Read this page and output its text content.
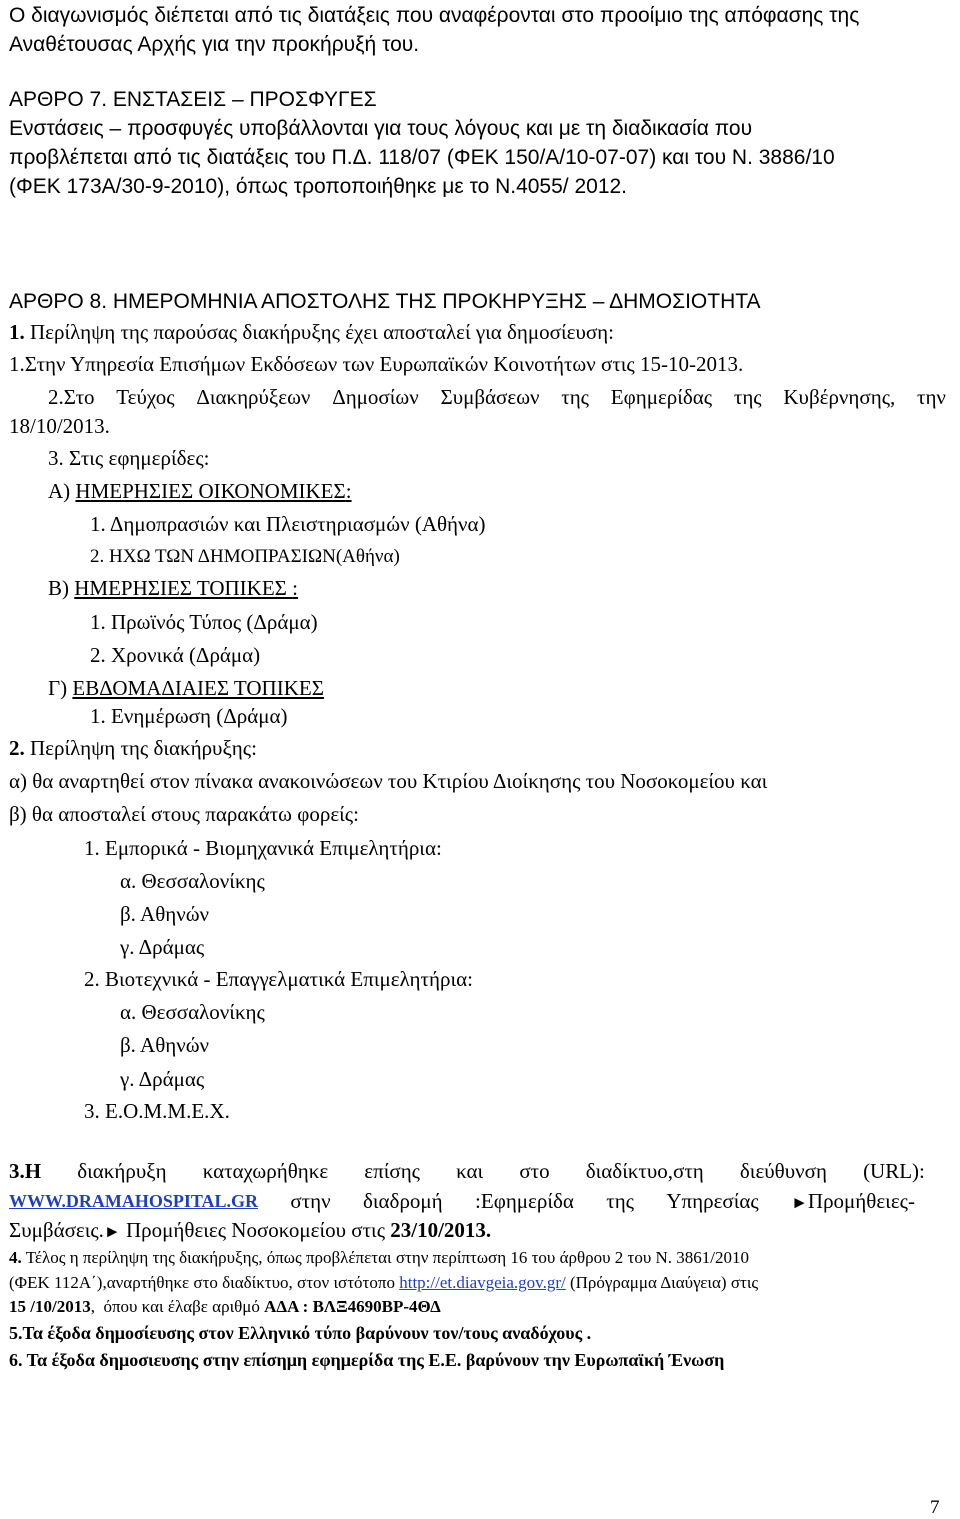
Ο διαγωνισμός διέπεται από τις διατάξεις που αναφέρονται στο προοίμιο της απόφασης της
Αναθέτουσας Αρχής για την προκήρυξή του.
ΑΡΘΡΟ 7. ΕΝΣΤΑΣΕΙΣ – ΠΡΟΣΦΥΓΕΣ
Ενστάσεις – προσφυγές υποβάλλονται για τους λόγους και με τη διαδικασία που
προβλέπεται από τις διατάξεις του Π.Δ. 118/07 (ΦΕΚ 150/Α/10-07-07) και του Ν. 3886/10
(ΦΕΚ 173Α/30-9-2010), όπως τροποποιήθηκε με το Ν.4055/ 2012.
ΑΡΘΡΟ 8. ΗΜΕΡΟΜΗΝΙΑ ΑΠΟΣΤΟΛΗΣ ΤΗΣ ΠΡΟΚΗΡΥΞΗΣ – ΔΗΜΟΣΙΟΤΗΤΑ
1. Περίληψη της παρούσας διακήρυξης έχει αποσταλεί για δημοσίευση:
1.Στην Υπηρεσία Επισήμων Εκδόσεων των Ευρωπαϊκών Κοινοτήτων στις 15-10-2013.
2.Στο Τεύχος Διακηρύξεων Δημοσίων Συμβάσεων της Εφημερίδας της Κυβέρνησης, την
18/10/2013.
3. Στις εφημερίδες:
Α) ΗΜΕΡΗΣΙΕΣ ΟΙΚΟΝΟΜΙΚΕΣ:
1. Δημοπρασιών και Πλειστηριασμών (Αθήνα)
2. ΗΧΩ ΤΩΝ ΔΗΜΟΠΡΑΣΙΩΝ(Αθήνα)
Β) ΗΜΕΡΗΣΙΕΣ ΤΟΠΙΚΕΣ :
1. Πρωϊνός Τύπος (Δράμα)
2. Χρονικά (Δράμα)
Γ) ΕΒΔΟΜΑΔΙΑΙΕΣ ΤΟΠΙΚΕΣ
1. Ενημέρωση (Δράμα)
2. Περίληψη της διακήρυξης:
α) θα αναρτηθεί στον πίνακα ανακοινώσεων του Κτιρίου Διοίκησης του Νοσοκομείου και
β) θα αποσταλεί στους παρακάτω φορείς:
1. Εμπορικά - Βιομηχανικά Επιμελητήρια:
α. Θεσσαλονίκης
β. Αθηνών
γ. Δράμας
2. Βιοτεχνικά - Επαγγελματικά Επιμελητήρια:
α. Θεσσαλονίκης
β. Αθηνών
γ. Δράμας
3. Ε.Ο.Μ.Μ.Ε.Χ.
3.Η διακήρυξη καταχωρήθηκε επίσης και στο διαδίκτυο,στη διεύθυνση (URL):
WWW.DRAMAHOSPITAL.GR στην διαδρομή :Εφημερίδα της Υπηρεσίας ►Προμήθειες-
Συμβάσεις.► Προμήθειες Νοσοκομείου στις 23/10/2013.
4. Τέλος η περίληψη της διακήρυξης, όπως προβλέπεται στην περίπτωση 16 του άρθρου 2 του Ν. 3861/2010
(ΦΕΚ 112Α΄),αναρτήθηκε στο διαδίκτυο, στον ιστότοπο http://et.diavgeia.gov.gr/ (Πρόγραμμα Διαύγεια) στις
15 /10/2013,  όπου και έλαβε αριθμό ΑΔΑ : ΒΛΞ4690ΒΡ-4ΘΔ
5.Τα έξοδα δημοσίευσης στον Ελληνικό τύπο βαρύνουν τον/τους αναδόχους .
6. Τα έξοδα δημοσιευσης στην επίσημη εφημερίδα της Ε.Ε. βαρύνουν την Ευρωπαϊκή Ένωση
7
